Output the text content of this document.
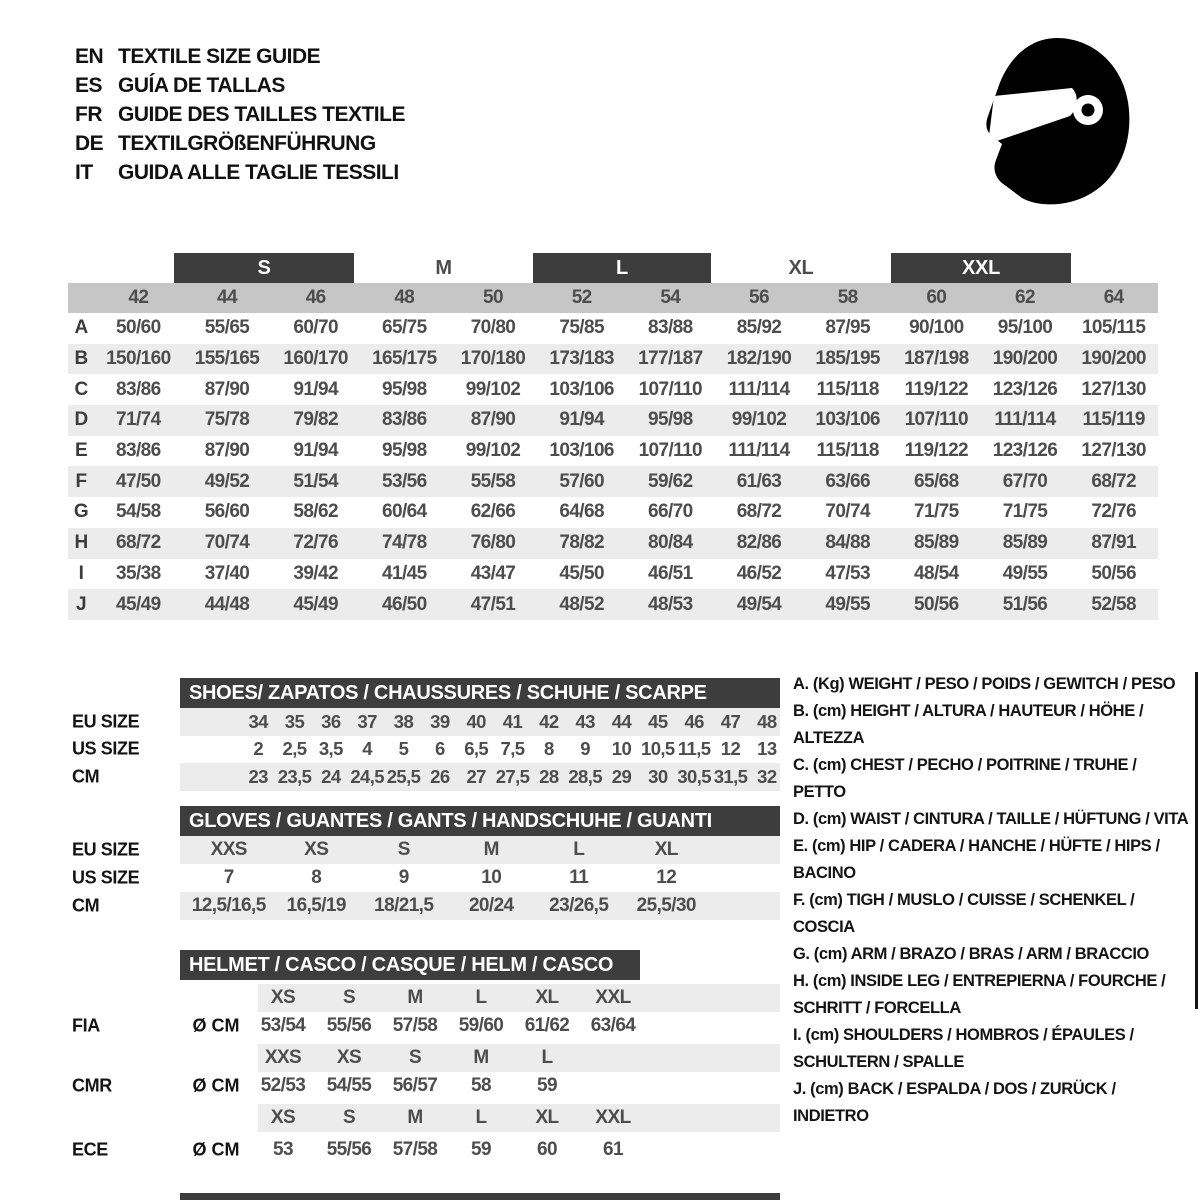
EN TEXTILE SIZE GUIDE
ES GUÍA DE TALLAS
FR GUIDE DES TAILLES TEXTILE
DE TEXTILGRÖßENFÜHRUNG
IT	GUIDA ALLE TAGLIE TESSILI
S	M	L	XL	XXL
42	44	46	48	50	52	54	56	58	60	62	64
A	50/60	55/65	60/70	65/75	70/80	75/85	83/88	85/92	87/95	90/100	95/100	105/115
B 150/160	155/165	160/170	165/175	170/180	173/183	177/187	182/190	185/195	187/198	190/200	190/200
C	83/86	87/90	91/94	95/98	99/102	103/106	107/110	111/114	115/118	119/122	123/126	127/130
D	71/74	75/78	79/82	83/86	87/90	91/94	95/98	99/102	103/106	107/110	111/114	115/119
E	83/86	87/90	91/94	95/98	99/102	103/106	107/110	111/114	115/118	119/122	123/126	127/130
F	47/50	49/52	51/54	53/56	55/58	57/60	59/62	61/63	63/66	65/68	67/70	68/72
G	54/58	56/60	58/62	60/64	62/66	64/68	66/70	68/72	70/74	71/75	71/75	72/76
H	68/72	70/74	72/76	74/78	76/80	78/82	80/84	82/86	84/88	85/89	85/89	87/91
I	35/38	37/40	39/42	41/45	43/47	45/50	46/51	46/52	47/53	48/54	49/55	50/56
J	45/49	44/48	45/49	46/50	47/51	48/52	48/53	49/54	49/55	50/56	51/56	52/58
SHOES/ ZAPATOS / CHAUSSURES / SCHUHE / SCARPE
EU SIZE	34 35 36 37 38 39 40 41 42 43 44 45 46 47 48
US SIZE	2	2,5 3,5	4	5	6	6,5 7,5	8	9	10 10,5 11,5 12 13
CM	23 23,5 24 24,5 25,5 26 27 27,5 28 28,5 29 30 30,5 31,5 32
GLOVES / GUANTES / GANTS / HANDSCHUHE / GUANTI
EU SIZE	XXS	XS	S	M	L	XL
US SIZE	7	8	9	10	11	12
CM	12,5/16,5	16,5/19	18/21,5	20/24	23/26,5	25,5/30
HELMET / CASCO / CASQUE / HELM / CASCO
XS	S	M	L	XL	XXL
FIA	Ø CM	53/54	55/56	57/58	59/60	61/62	63/64
XXS	XS	S	M	L
CMR	Ø CM	52/53	54/55	56/57	58	59
XS	S	M	L	XL	XXL
ECE	Ø CM	53	55/56	57/58	59	60	61
A. (Kg) WEIGHT / PESO / POIDS / GEWITCH / PESO
B. (cm) HEIGHT / ALTURA / HAUTEUR / HÖHE / ALTEZZA
C. (cm) CHEST / PECHO / POITRINE / TRUHE / PETTO
D. (cm) WAIST / CINTURA / TAILLE / HÜFTUNG / VITA
E. (cm) HIP / CADERA / HANCHE / HÜFTE / HIPS / BACINO
F. (cm) TIGH / MUSLO / CUISSE / SCHENKEL / COSCIA
G. (cm) ARM / BRAZO / BRAS / ARM / BRACCIO
H. (cm) INSIDE LEG / ENTREPIERNA / FOURCHE / SCHRITT / FORCELLA
I. (cm) SHOULDERS / HOMBROS / ÉPAULES / SCHULTERN / SPALLE
J. (cm) BACK / ESPALDA / DOS / ZURÜCK / INDIETRO
